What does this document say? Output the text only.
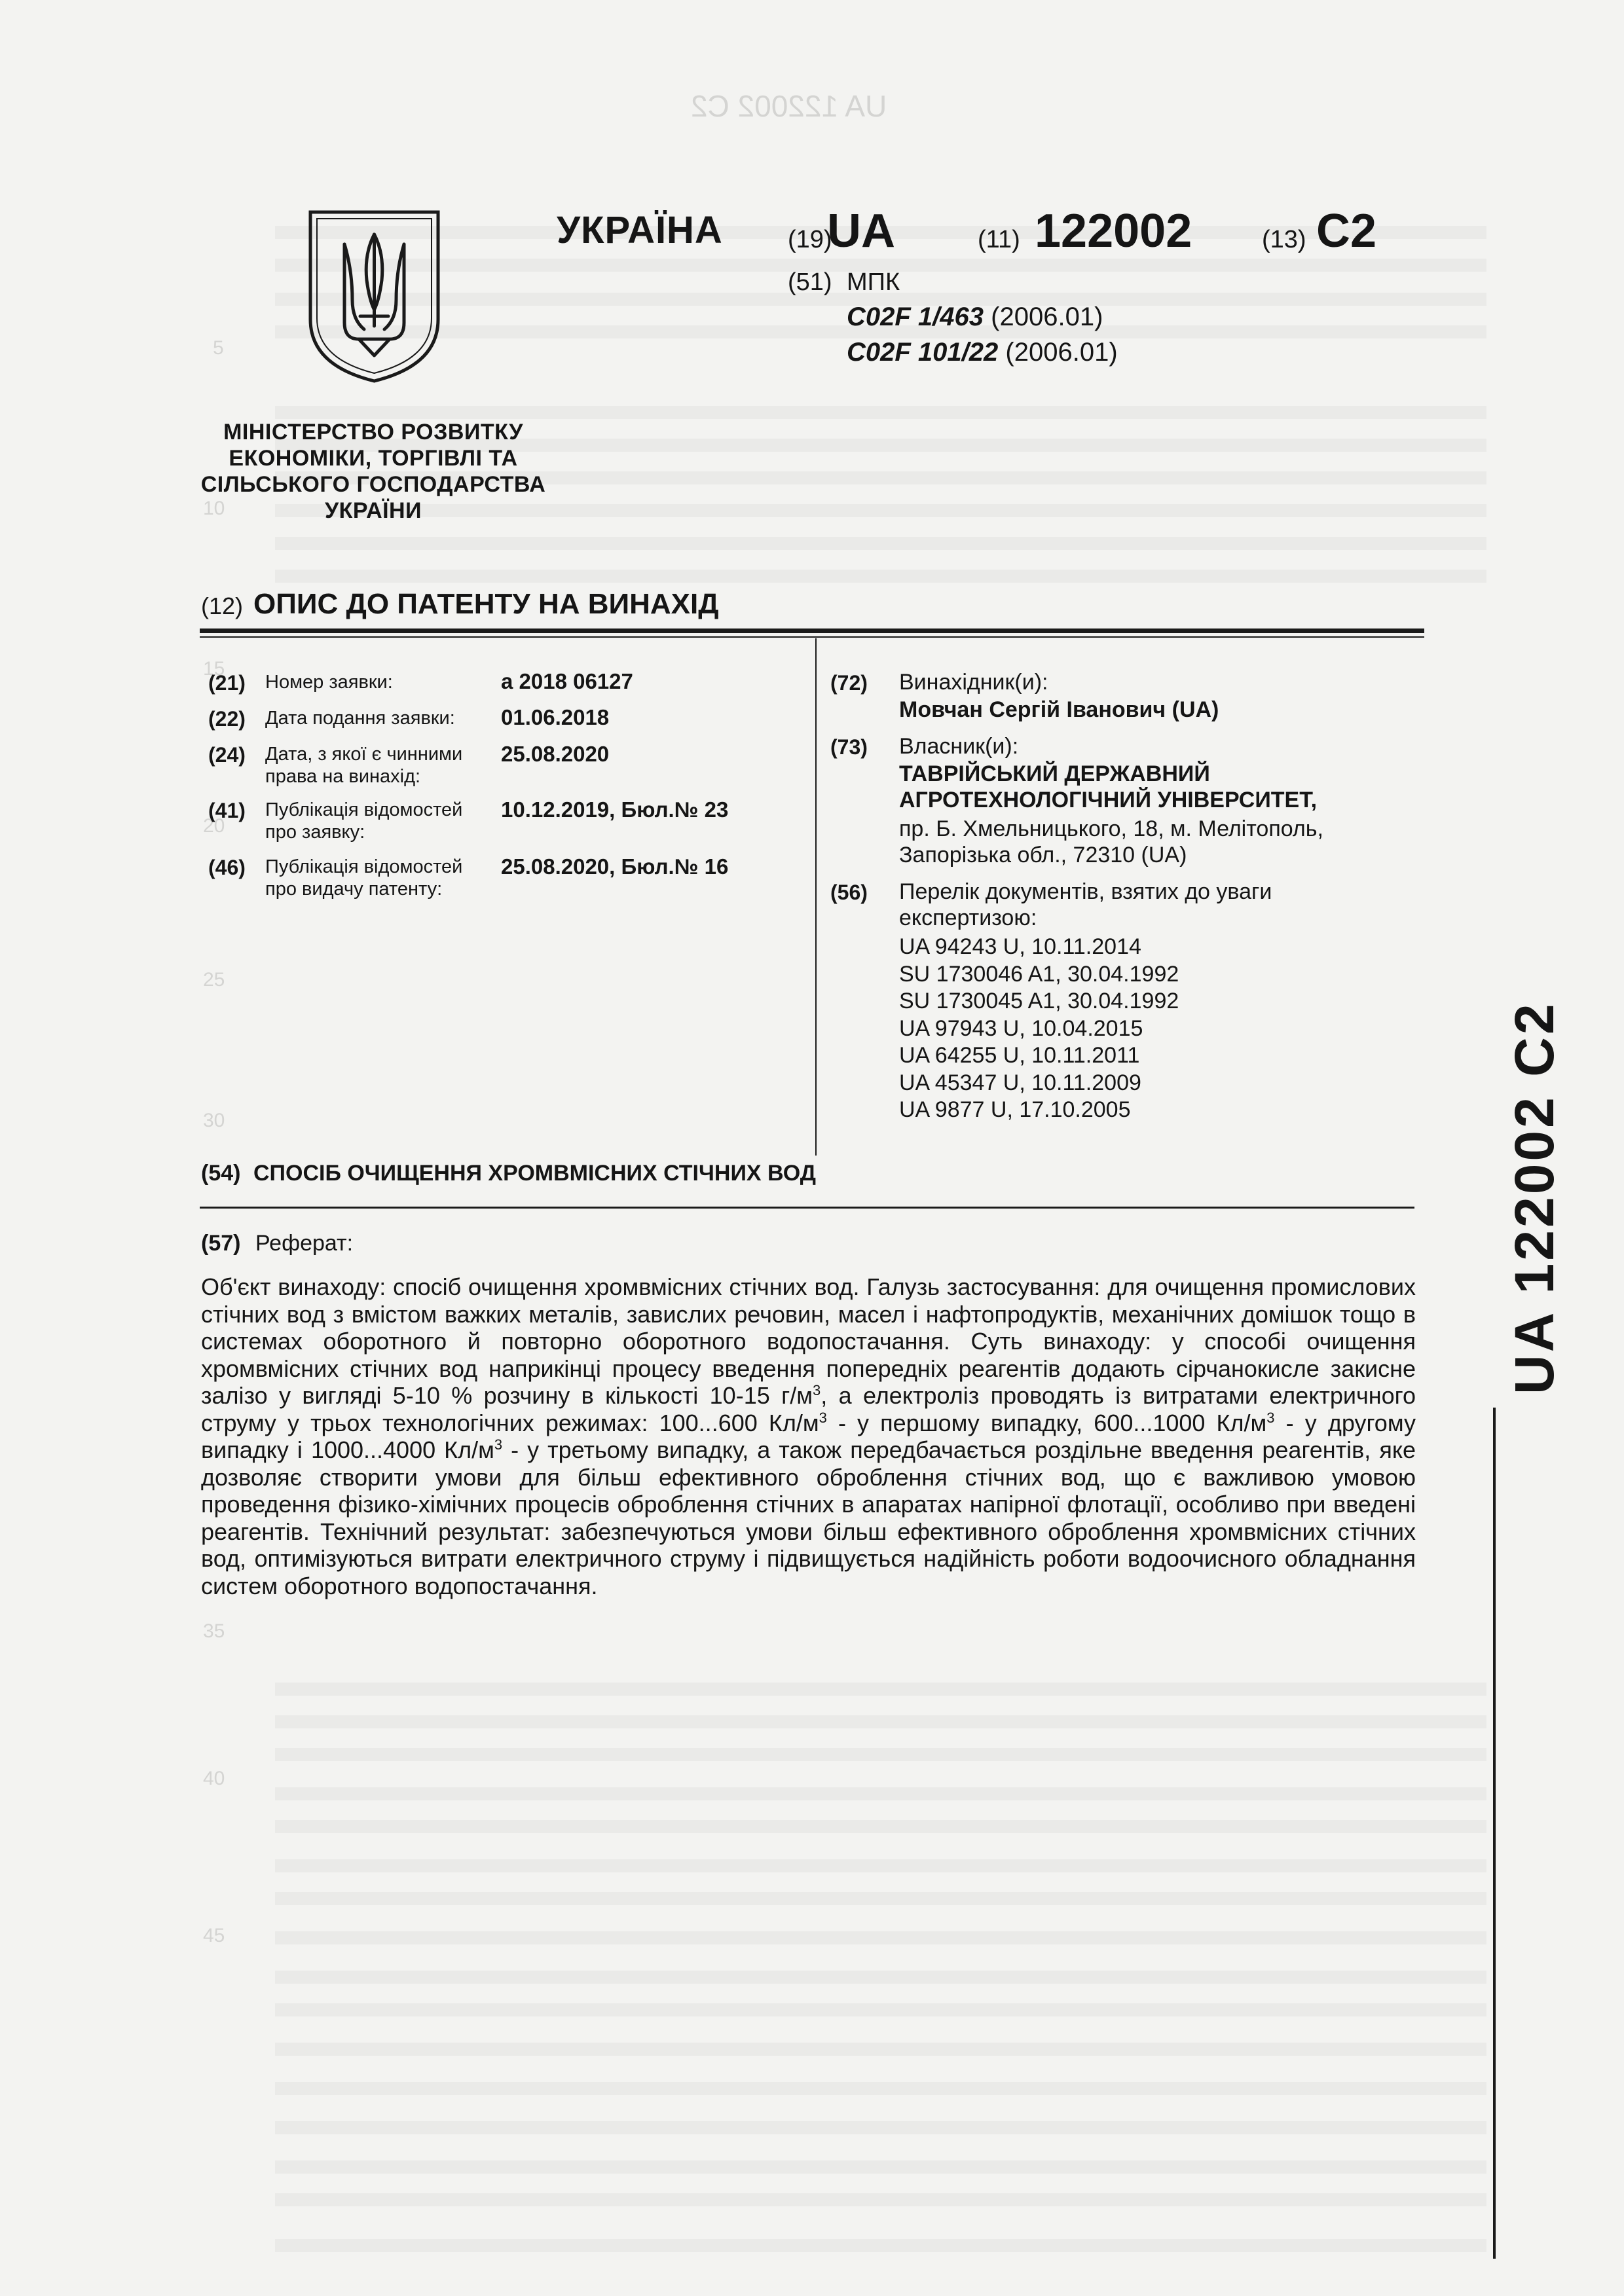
UA 122002 C2
5
10
15
20
25
30
35
40
45
МІНІСТЕРСТВО РОЗВИТКУ
ЕКОНОМІКИ, ТОРГІВЛІ ТА
СІЛЬСЬКОГО ГОСПОДАРСТВА
УКРАЇНИ
УКРАЇНА	(19)
UA	(11) 122002	(13) C2
(51) МПК
C02F 1/463 (2006.01)
C02F 101/22 (2006.01)
(12) ОПИС ДО ПАТЕНТУ НА ВИНАХІД
(21) Номер заявки:	a 2018 06127
(22) Дата подання заявки:	01.06.2018
(24) Дата, з якої є чинними
права на винахід:
25.08.2020
(41) Публікація відомостей
про заявку:
10.12.2019, Бюл.№ 23
(46) Публікація відомостей
про видачу патенту:
25.08.2020, Бюл.№ 16
(72) Винахідник(и):
Мовчан Сергій Іванович (UA)
(73) Власник(и):
ТАВРІЙСЬКИЙ ДЕРЖАВНИЙ
АГРОТЕХНОЛОГІЧНИЙ УНІВЕРСИТЕТ,
пр. Б. Хмельницького, 18, м. Мелітополь,
Запорізька обл., 72310 (UA)
(56) Перелік документів, взятих до уваги
експертизою:
UA 94243 U, 10.11.2014
SU 1730046 A1, 30.04.1992
SU 1730045 A1, 30.04.1992
UA 97943 U, 10.04.2015
UA 64255 U, 10.11.2011
UA 45347 U, 10.11.2009
UA 9877 U, 17.10.2005
(54) СПОСІБ ОЧИЩЕННЯ ХРОМВМІСНИХ СТІЧНИХ ВОД
(57) Реферат:

Об'єкт винаходу: спосіб очищення хромвмісних стічних вод. Галузь застосування: для очищення промислових стічних вод з вмістом важких металів, завислих речовин, масел і нафтопродуктів, механічних домішок тощо в системах оборотного й повторно оборотного водопостачання. Суть винаходу: у способі очищення хромвмісних стічних вод наприкінці процесу введення попередніх реагентів додають сірчанокисле закисне залізо у вигляді 5-10 % розчину в кількості 10-15 $г/м^3$, а електроліз проводять із витратами електричного струму у трьох технологічних режимах: 100...600 $Кл/м^3$ - у першому випадку, 600...1000 $Кл/м^3$ - у другому випадку і 1000...4000 $Кл/м^3$ - у третьому випадку, а також передбачається роздільне введення реагентів, яке дозволяє створити умови для більш ефективного оброблення стічних вод, що є важливою умовою проведення фізико-хімічних процесів оброблення стічних в апаратах напірної флотації, особливо при введені реагентів. Технічний результат: забезпечуються умови більш ефективного оброблення хромвмісних стічних вод, оптимізуються витрати електричного струму і підвищується надійність роботи водоочисного обладнання систем оборотного водопостачання.

UA 122002 C2
